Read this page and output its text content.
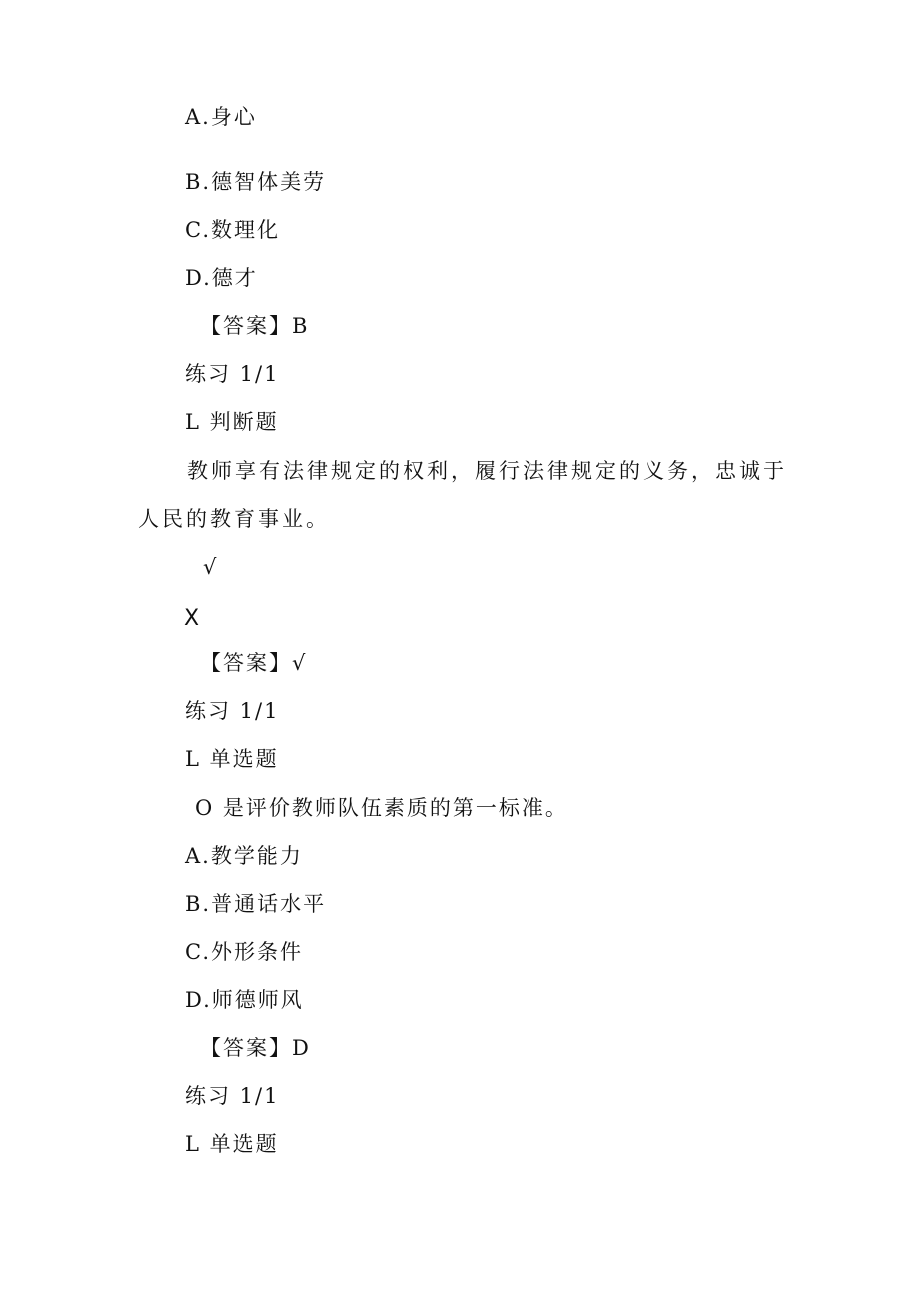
A.身心
B.德智体美劳
C.数理化
D.德才
【答案】B
练习 1/1
L 判断题
教师享有法律规定的权利，履行法律规定的义务，忠诚于
人民的教育事业。
√
X
【答案】√
练习 1/1
L 单选题
O 是评价教师队伍素质的第一标准。
A.教学能力
B.普通话水平
C.外形条件
D.师德师风
【答案】D
练习 1/1
L 单选题
